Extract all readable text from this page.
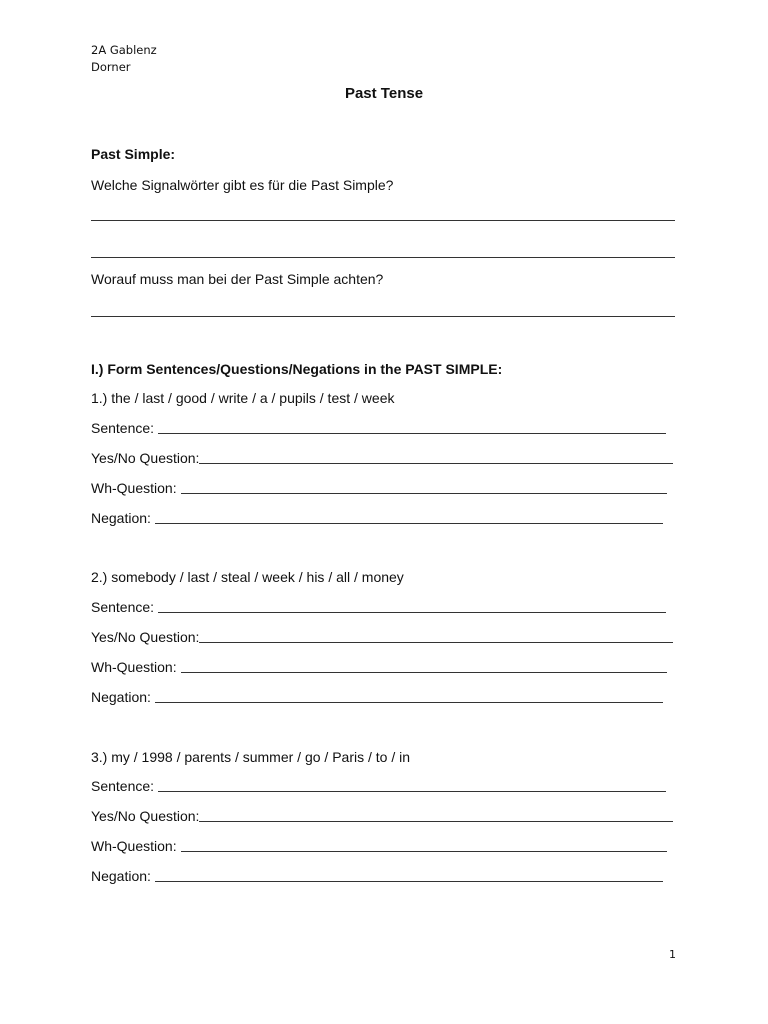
2A Gablenz
Dorner
Past Tense
Past Simple:
Welche Signalwörter gibt es für die Past Simple?
Worauf muss man bei der Past Simple achten?
I.) Form Sentences/Questions/Negations in the PAST SIMPLE:
1.) the / last / good / write / a / pupils / test / week
Sentence:
Yes/No Question:
Wh-Question:
Negation:
2.) somebody / last / steal / week / his / all / money
Sentence:
Yes/No Question:
Wh-Question:
Negation:
3.) my / 1998 / parents / summer / go / Paris / to / in
Sentence:
Yes/No Question:
Wh-Question:
Negation:
1
